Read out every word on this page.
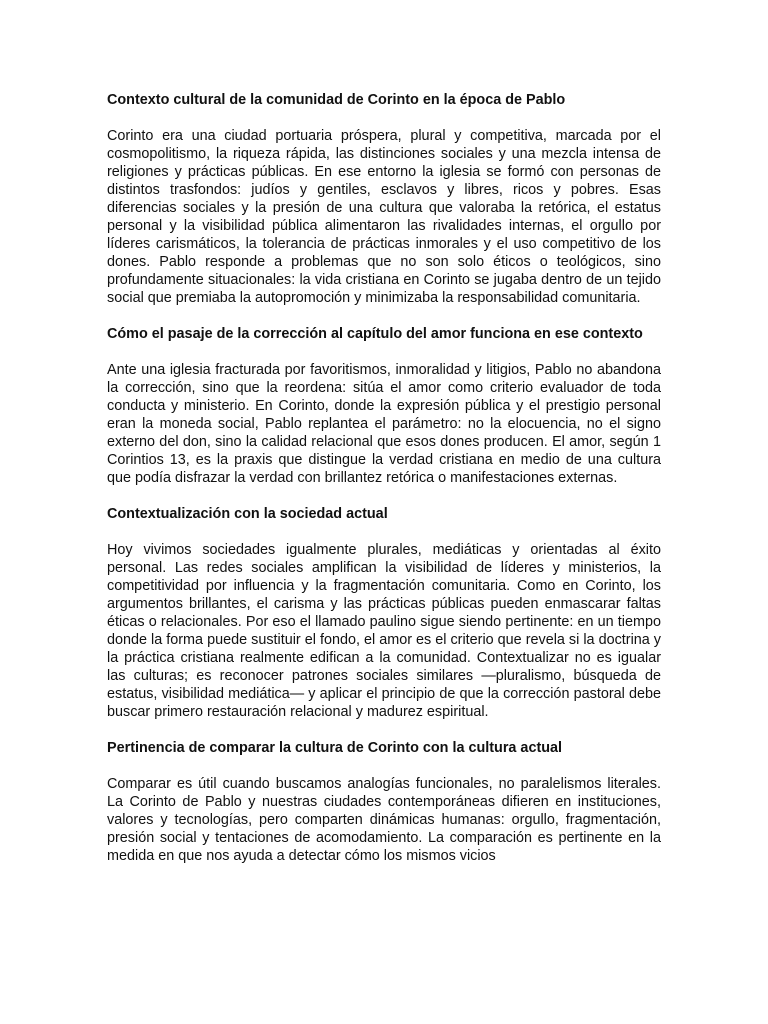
Contexto cultural de la comunidad de Corinto en la época de Pablo

Corinto era una ciudad portuaria próspera, plural y competitiva, marcada por el cosmopolitismo, la riqueza rápida, las distinciones sociales y una mezcla intensa de religiones y prácticas públicas. En ese entorno la iglesia se formó con personas de distintos trasfondos: judíos y gentiles, esclavos y libres, ricos y pobres. Esas diferencias sociales y la presión de una cultura que valoraba la retórica, el estatus personal y la visibilidad pública alimentaron las rivalidades internas, el orgullo por líderes carismáticos, la tolerancia de prácticas inmorales y el uso competitivo de los dones. Pablo responde a problemas que no son solo éticos o teológicos, sino profundamente situacionales: la vida cristiana en Corinto se jugaba dentro de un tejido social que premiaba la autopromoción y minimizaba la responsabilidad comunitaria.

Cómo el pasaje de la corrección al capítulo del amor funciona en ese contexto

Ante una iglesia fracturada por favoritismos, inmoralidad y litigios, Pablo no abandona la corrección, sino que la reordena: sitúa el amor como criterio evaluador de toda conducta y ministerio. En Corinto, donde la expresión pública y el prestigio personal eran la moneda social, Pablo replantea el parámetro: no la elocuencia, no el signo externo del don, sino la calidad relacional que esos dones producen. El amor, según 1 Corintios 13, es la praxis que distingue la verdad cristiana en medio de una cultura que podía disfrazar la verdad con brillantez retórica o manifestaciones externas.

Contextualización con la sociedad actual

Hoy vivimos sociedades igualmente plurales, mediáticas y orientadas al éxito personal. Las redes sociales amplifican la visibilidad de líderes y ministerios, la competitividad por influencia y la fragmentación comunitaria. Como en Corinto, los argumentos brillantes, el carisma y las prácticas públicas pueden enmascarar faltas éticas o relacionales. Por eso el llamado paulino sigue siendo pertinente: en un tiempo donde la forma puede sustituir el fondo, el amor es el criterio que revela si la doctrina y la práctica cristiana realmente edifican a la comunidad. Contextualizar no es igualar las culturas; es reconocer patrones sociales similares —pluralismo, búsqueda de estatus, visibilidad mediática— y aplicar el principio de que la corrección pastoral debe buscar primero restauración relacional y madurez espiritual.

Pertinencia de comparar la cultura de Corinto con la cultura actual

Comparar es útil cuando buscamos analogías funcionales, no paralelismos literales. La Corinto de Pablo y nuestras ciudades contemporáneas difieren en instituciones, valores y tecnologías, pero comparten dinámicas humanas: orgullo, fragmentación, presión social y tentaciones de acomodamiento. La comparación es pertinente en la medida en que nos ayuda a detectar cómo los mismos vicios
